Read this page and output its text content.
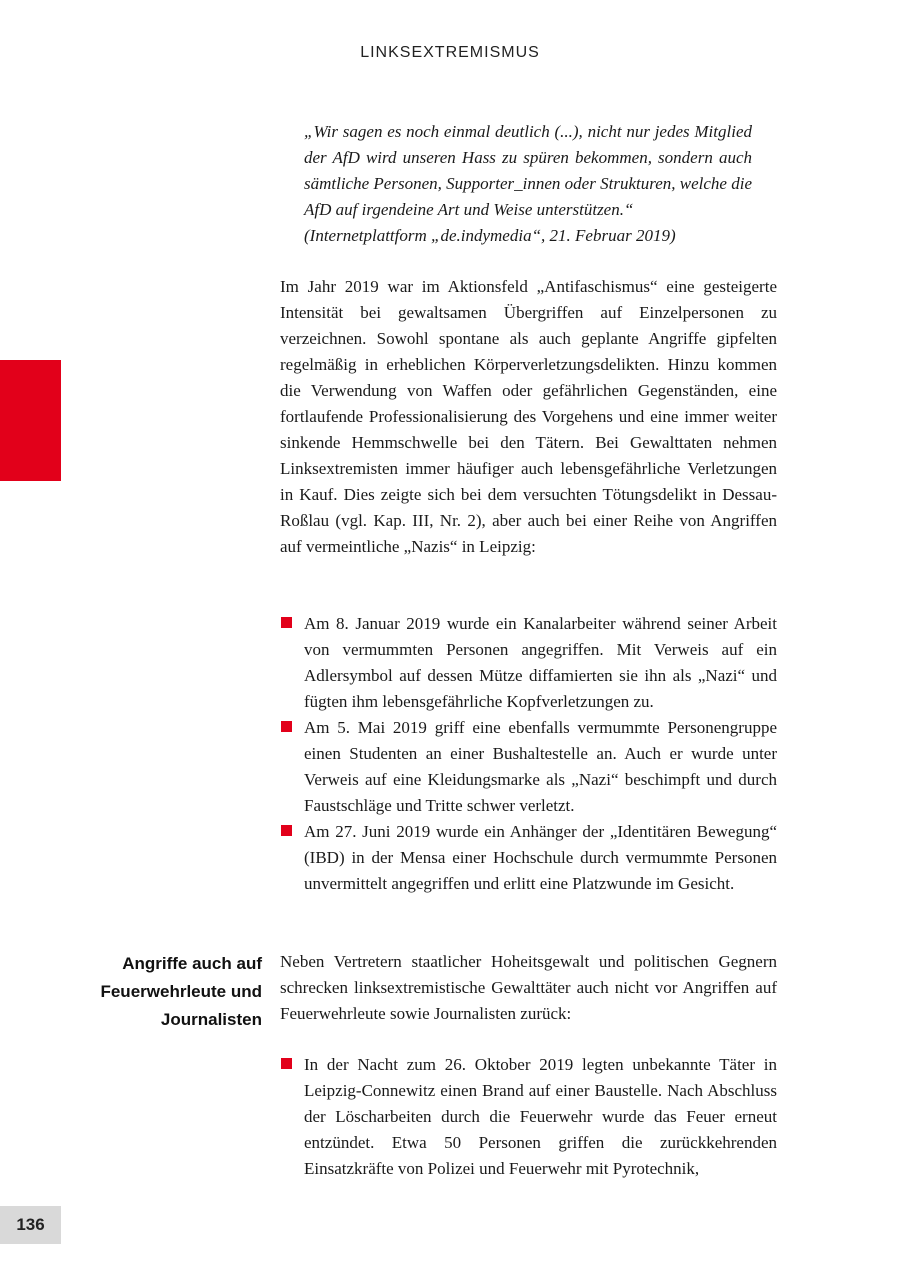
LINKSEXTREMISMUS

„Wir sagen es noch einmal deutlich (...), nicht nur jedes Mitglied der AfD wird unseren Hass zu spüren bekommen, sondern auch sämtliche Personen, Supporter_innen oder Strukturen, welche die AfD auf irgendeine Art und Weise unterstützen.“

(Internetplattform „de.indymedia“, 21. Februar 2019)

Im Jahr 2019 war im Aktionsfeld „Antifaschismus“ eine gesteigerte Intensität bei gewaltsamen Übergriffen auf Einzelpersonen zu verzeichnen. Sowohl spontane als auch geplante Angriffe gipfelten regelmäßig in erheblichen Körperverletzungsdelikten. Hinzu kommen die Verwendung von Waffen oder gefährlichen Gegenständen, eine fortlaufende Professionalisierung des Vorgehens und eine immer weiter sinkende Hemmschwelle bei den Tätern. Bei Gewalttaten nehmen Linksextremisten immer häufiger auch lebensgefährliche Verletzungen in Kauf. Dies zeigte sich bei dem versuchten Tötungsdelikt in Dessau-Roßlau (vgl. Kap. III, Nr. 2), aber auch bei einer Reihe von Angriffen auf vermeintliche „Nazis“ in Leipzig:

Am 8. Januar 2019 wurde ein Kanalarbeiter während seiner Arbeit von vermummten Personen angegriffen. Mit Verweis auf ein Adlersymbol auf dessen Mütze diffamierten sie ihn als „Nazi“ und fügten ihm lebensgefährliche Kopfverletzungen zu.
Am 5. Mai 2019 griff eine ebenfalls vermummte Personengruppe einen Studenten an einer Bushaltestelle an. Auch er wurde unter Verweis auf eine Kleidungsmarke als „Nazi“ beschimpft und durch Faustschläge und Tritte schwer verletzt.
Am 27. Juni 2019 wurde ein Anhänger der „Identitären Bewegung“ (IBD) in der Mensa einer Hochschule durch vermummte Personen unvermittelt angegriffen und erlitt eine Platzwunde im Gesicht.
Angriffe auch auf
Feuerwehrleute und
Journalisten

Neben Vertretern staatlicher Hoheitsgewalt und politischen Gegnern schrecken linksextremistische Gewalttäter auch nicht vor Angriffen auf Feuerwehrleute sowie Journalisten zurück:

In der Nacht zum 26. Oktober 2019 legten unbekannte Täter in Leipzig-Connewitz einen Brand auf einer Baustelle. Nach Abschluss der Löscharbeiten durch die Feuerwehr wurde das Feuer erneut entzündet. Etwa 50 Personen griffen die zurückkehrenden Einsatzkräfte von Polizei und Feuerwehr mit Pyrotechnik,
136
